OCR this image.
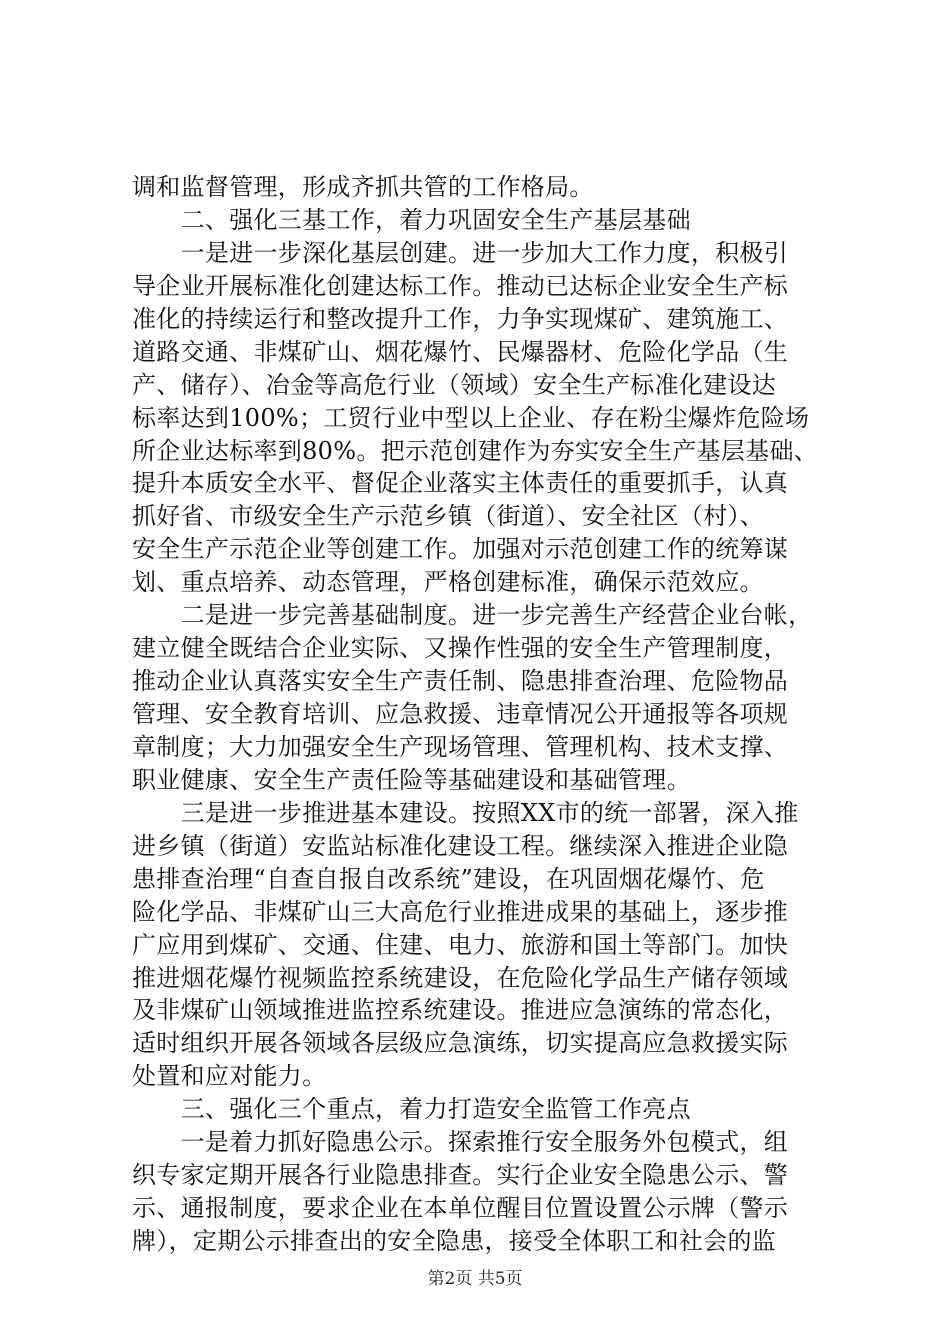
调和监督管理，形成齐抓共管的工作格局。
　　二、强化三基工作，着力巩固安全生产基层基础
　　一是进一步深化基层创建。进一步加大工作力度，积极引
导企业开展标准化创建达标工作。推动已达标企业安全生产标
准化的持续运行和整改提升工作，力争实现煤矿、建筑施工、
道路交通、非煤矿山、烟花爆竹、民爆器材、危险化学品（生
产、储存）、冶金等高危行业（领域）安全生产标准化建设达
标率达到100%；工贸行业中型以上企业、存在粉尘爆炸危险场
所企业达标率到80%。把示范创建作为夯实安全生产基层基础、
提升本质安全水平、督促企业落实主体责任的重要抓手，认真
抓好省、市级安全生产示范乡镇（街道）、安全社区（村）、
安全生产示范企业等创建工作。加强对示范创建工作的统筹谋
划、重点培养、动态管理，严格创建标准，确保示范效应。
　　二是进一步完善基础制度。进一步完善生产经营企业台帐，
建立健全既结合企业实际、又操作性强的安全生产管理制度，
推动企业认真落实安全生产责任制、隐患排查治理、危险物品
管理、安全教育培训、应急救援、违章情况公开通报等各项规
章制度；大力加强安全生产现场管理、管理机构、技术支撑、
职业健康、安全生产责任险等基础建设和基础管理。
　　三是进一步推进基本建设。按照XX市的统一部署，深入推
进乡镇（街道）安监站标准化建设工程。继续深入推进企业隐
患排查治理“自查自报自改系统”建设，在巩固烟花爆竹、危
险化学品、非煤矿山三大高危行业推进成果的基础上，逐步推
广应用到煤矿、交通、住建、电力、旅游和国土等部门。加快
推进烟花爆竹视频监控系统建设，在危险化学品生产储存领域
及非煤矿山领域推进监控系统建设。推进应急演练的常态化，
适时组织开展各领域各层级应急演练，切实提高应急救援实际
处置和应对能力。
　　三、强化三个重点，着力打造安全监管工作亮点
　　一是着力抓好隐患公示。探索推行安全服务外包模式，组
织专家定期开展各行业隐患排查。实行企业安全隐患公示、警
示、通报制度，要求企业在本单位醒目位置设置公示牌（警示
牌），定期公示排查出的安全隐患，接受全体职工和社会的监
第2页 共5页
